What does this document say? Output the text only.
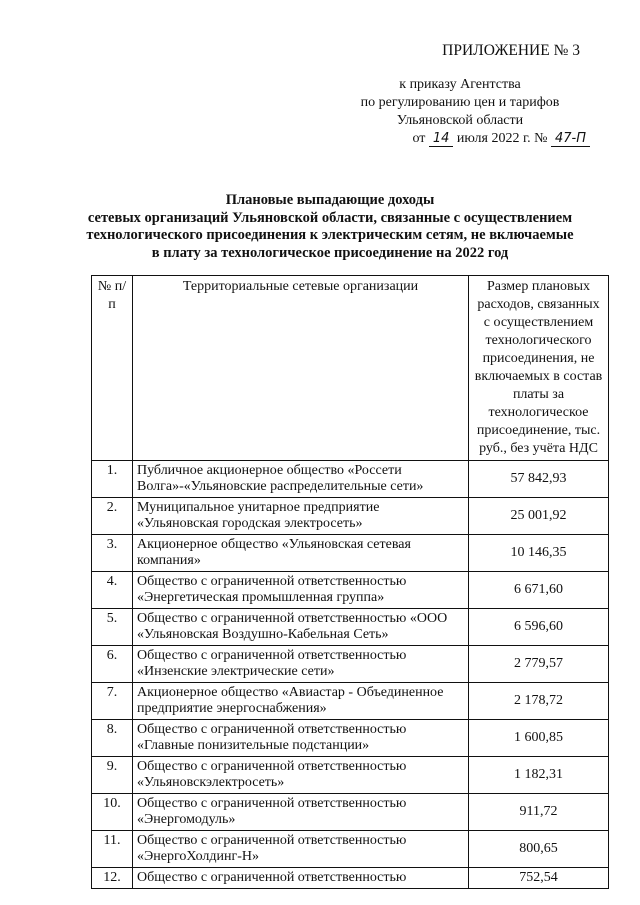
ПРИЛОЖЕНИЕ № 3
к приказу Агентства
по регулированию цен и тарифов
Ульяновской области
от 14 июля 2022 г. № 47-П
Плановые выпадающие доходы
сетевых организаций Ульяновской области, связанные с осуществлением
технологического присоединения к электрическим сетям, не включаемые
в плату за технологическое присоединение на 2022 год
№ п/п	Территориальные сетевые организации	Размер плановых расходов, связанных с осуществлением технологического присоединения, не включаемых в состав платы за технологическое присоединение, тыс. руб., без учёта НДС
1.	Публичное акционерное общество «Россети Волга»-«Ульяновские распределительные сети»	57 842,93
2.	Муниципальное унитарное предприятие «Ульяновская городская электросеть»	25 001,92
3.	Акционерное общество «Ульяновская сетевая компания»	10 146,35
4.	Общество с ограниченной ответственностью «Энергетическая промышленная группа»	6 671,60
5.	Общество с ограниченной ответственностью «ООО «Ульяновская Воздушно-Кабельная Сеть»	6 596,60
6.	Общество с ограниченной ответственностью «Инзенские электрические сети»	2 779,57
7.	Акционерное общество «Авиастар - Объединенное предприятие энергоснабжения»	2 178,72
8.	Общество с ограниченной ответственностью «Главные понизительные подстанции»	1 600,85
9.	Общество с ограниченной ответственностью «Ульяновскэлектросеть»	1 182,31
10.	Общество с ограниченной ответственностью «Энергомодуль»	911,72
11.	Общество с ограниченной ответственностью «ЭнергоХолдинг-Н»	800,65
12.	Общество с ограниченной ответственностью	752,54
